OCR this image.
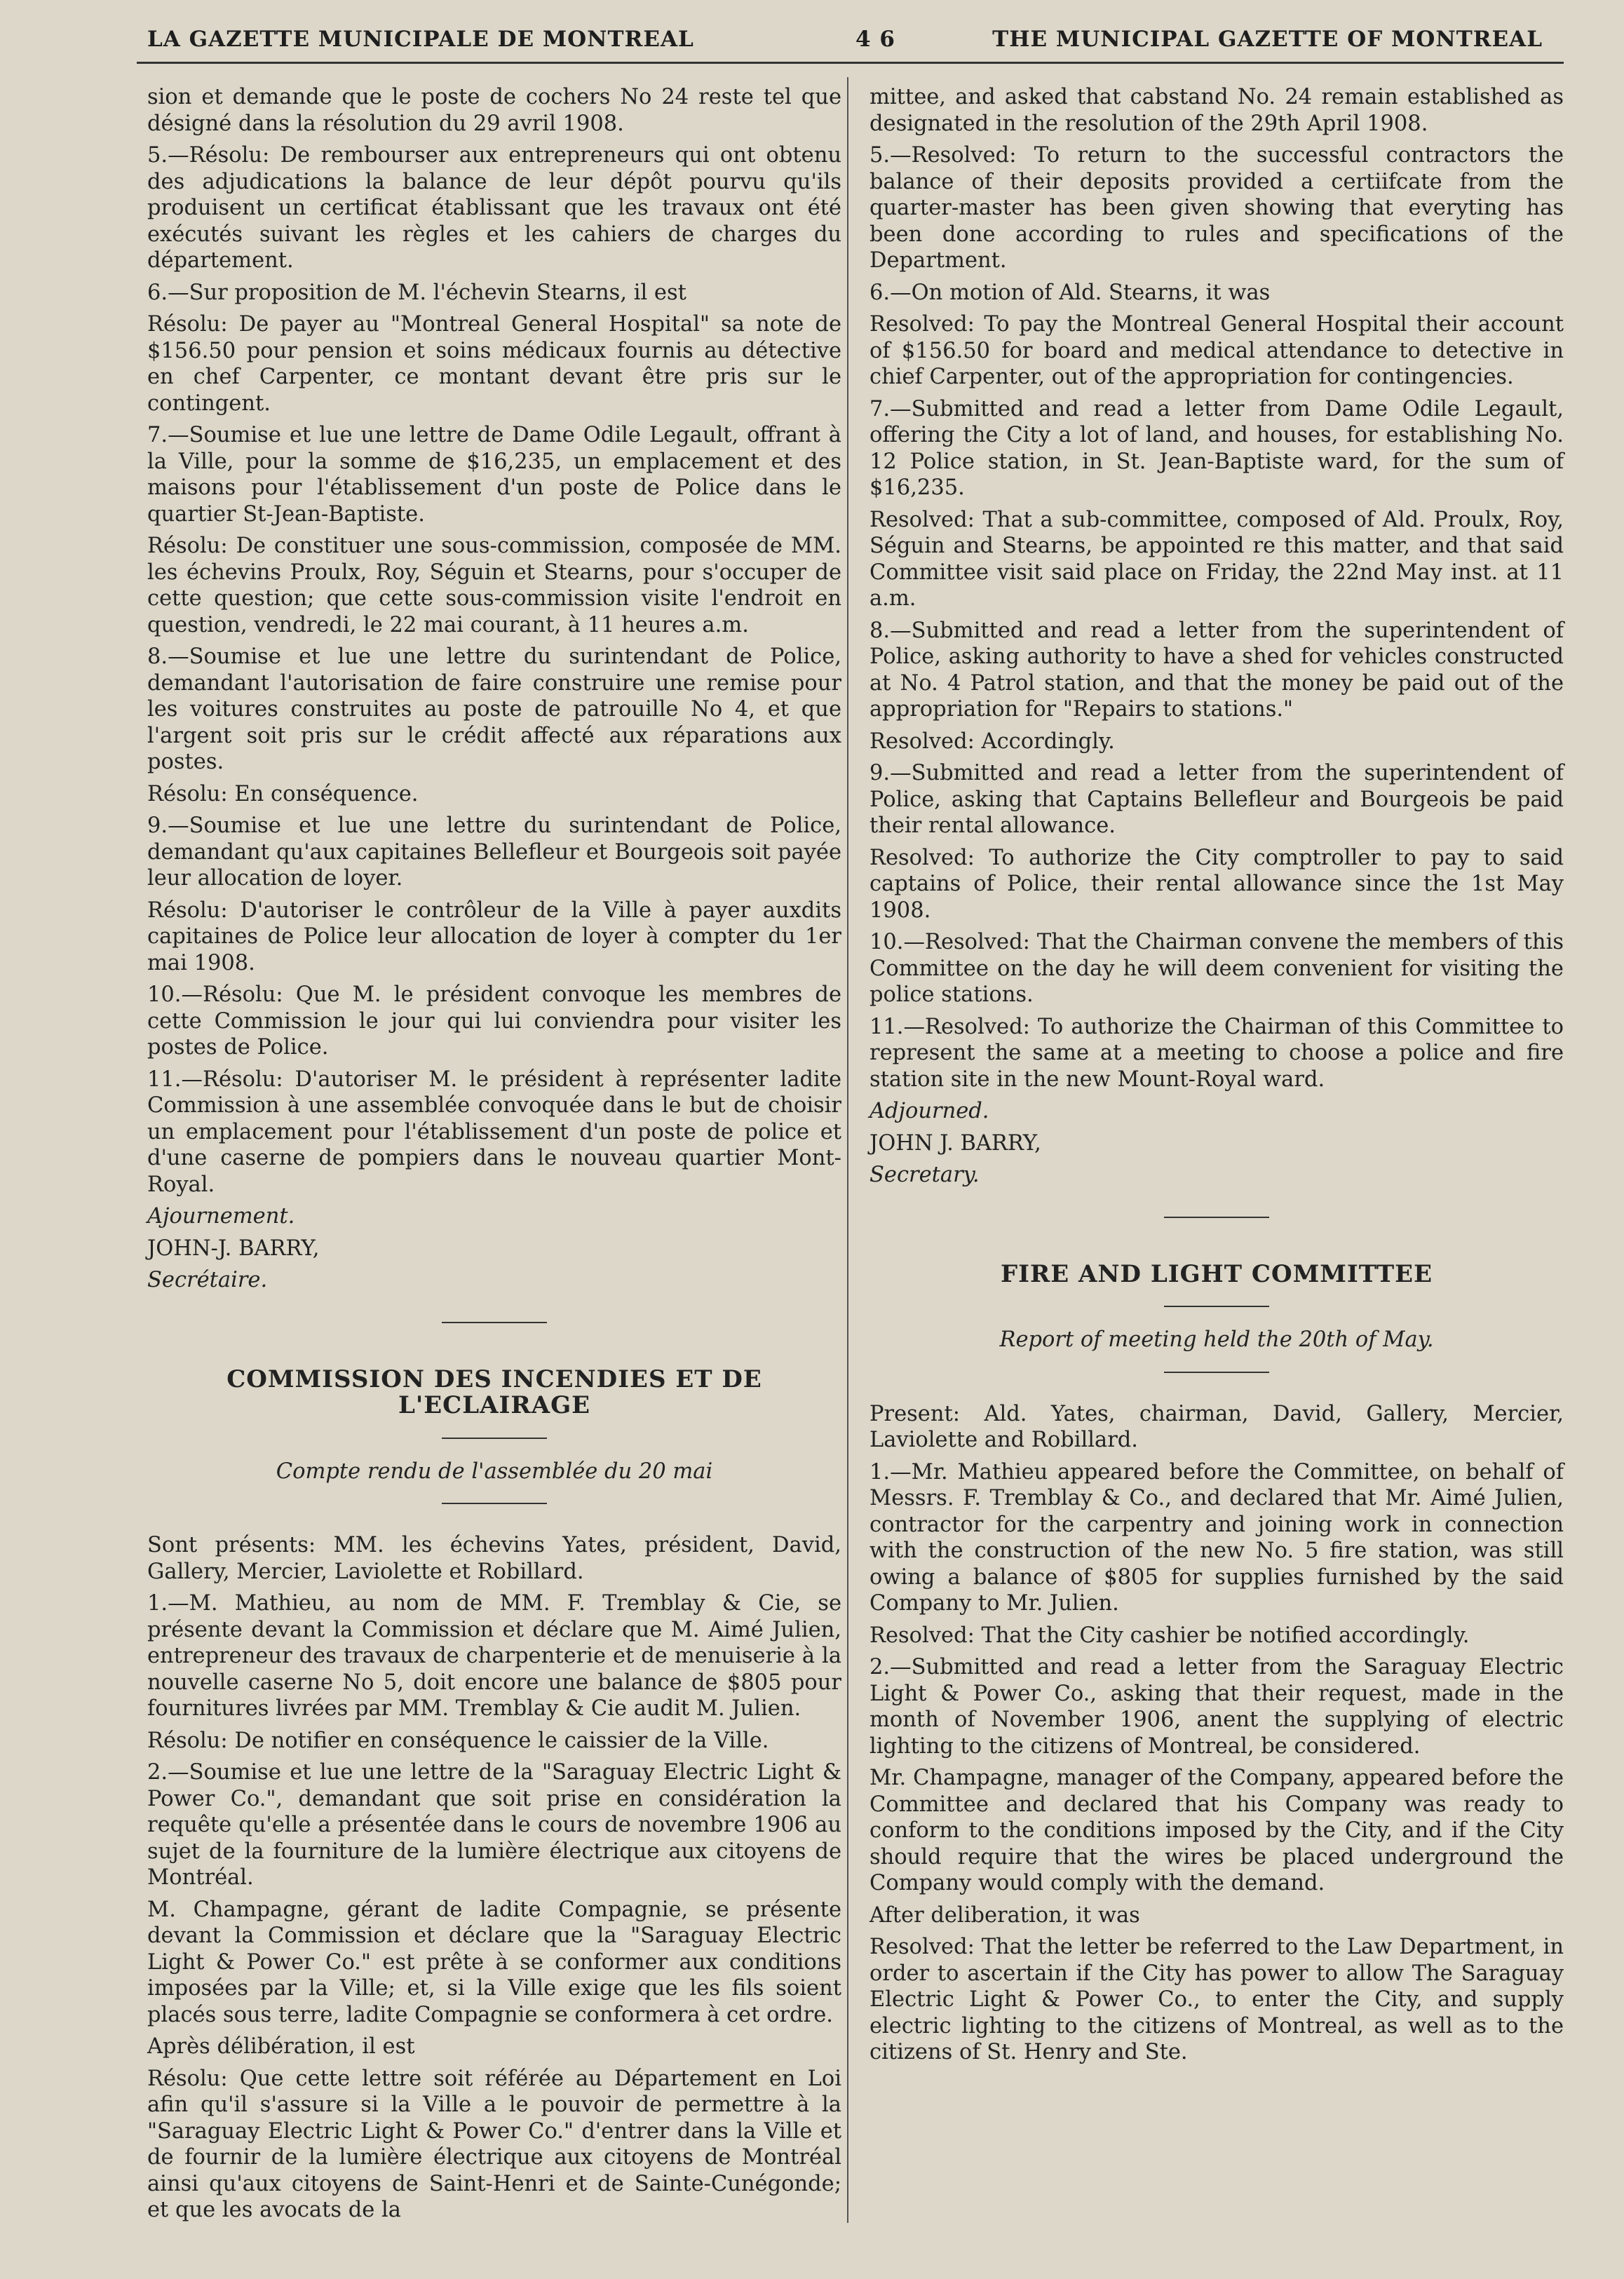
LA GAZETTE MUNICIPALE DE MONTREAL	4 6	THE MUNICIPAL GAZETTE OF MONTREAL

sion et demande que le poste de cochers No 24 reste tel que désigné dans la résolution du 29 avril 1908.

5.—Résolu: De rembourser aux entrepreneurs qui ont obtenu des adjudications la balance de leur dépôt pourvu qu'ils produisent un certificat établissant que les travaux ont été exécutés suivant les règles et les cahiers de charges du département.

6.—Sur proposition de M. l'échevin Stearns, il est

Résolu: De payer au "Montreal General Hospital" sa note de $156.50 pour pension et soins médicaux fournis au détective en chef Carpenter, ce montant devant être pris sur le contingent.

7.—Soumise et lue une lettre de Dame Odile Legault, offrant à la Ville, pour la somme de $16,235, un emplacement et des maisons pour l'établissement d'un poste de Police dans le quartier St-Jean-Baptiste.

Résolu: De constituer une sous-commission, composée de MM. les échevins Proulx, Roy, Séguin et Stearns, pour s'occuper de cette question; que cette sous-commission visite l'endroit en question, vendredi, le 22 mai courant, à 11 heures a.m.

8.—Soumise et lue une lettre du surintendant de Police, demandant l'autorisation de faire construire une remise pour les voitures construites au poste de patrouille No 4, et que l'argent soit pris sur le crédit affecté aux réparations aux postes.

Résolu: En conséquence.

9.—Soumise et lue une lettre du surintendant de Police, demandant qu'aux capitaines Bellefleur et Bourgeois soit payée leur allocation de loyer.

Résolu: D'autoriser le contrôleur de la Ville à payer auxdits capitaines de Police leur allocation de loyer à compter du 1er mai 1908.

10.—Résolu: Que M. le président convoque les membres de cette Commission le jour qui lui conviendra pour visiter les postes de Police.

11.—Résolu: D'autoriser M. le président à représenter ladite Commission à une assemblée convoquée dans le but de choisir un emplacement pour l'établissement d'un poste de police et d'une caserne de pompiers dans le nouveau quartier Mont-Royal.

Ajournement.

JOHN-J. BARRY,

Secrétaire.

COMMISSION DES INCENDIES ET DE L'ECLAIRAGE
Compte rendu de l'assemblée du 20 mai

Sont présents: MM. les échevins Yates, président, David, Gallery, Mercier, Laviolette et Robillard.

1.—M. Mathieu, au nom de MM. F. Tremblay & Cie, se présente devant la Commission et déclare que M. Aimé Julien, entrepreneur des travaux de charpenterie et de menuiserie à la nouvelle caserne No 5, doit encore une balance de $805 pour fournitures livrées par MM. Tremblay & Cie audit M. Julien.

Résolu: De notifier en conséquence le caissier de la Ville.

2.—Soumise et lue une lettre de la "Saraguay Electric Light & Power Co.", demandant que soit prise en considération la requête qu'elle a présentée dans le cours de novembre 1906 au sujet de la fourniture de la lumière électrique aux citoyens de Montréal.

M. Champagne, gérant de ladite Compagnie, se présente devant la Commission et déclare que la "Saraguay Electric Light & Power Co." est prête à se conformer aux conditions imposées par la Ville; et, si la Ville exige que les fils soient placés sous terre, ladite Compagnie se conformera à cet ordre.

Après délibération, il est

Résolu: Que cette lettre soit référée au Département en Loi afin qu'il s'assure si la Ville a le pouvoir de permettre à la "Saraguay Electric Light & Power Co." d'entrer dans la Ville et de fournir de la lumière électrique aux citoyens de Montréal ainsi qu'aux citoyens de Saint-Henri et de Sainte-Cunégonde; et que les avocats de la

mittee, and asked that cabstand No. 24 remain established as designated in the resolution of the 29th April 1908.

5.—Resolved: To return to the successful contractors the balance of their deposits provided a certiifcate from the quarter-master has been given showing that everyting has been done according to rules and specifications of the Department.

6.—On motion of Ald. Stearns, it was

Resolved: To pay the Montreal General Hospital their account of $156.50 for board and medical attendance to detective in chief Carpenter, out of the appropriation for contingencies.

7.—Submitted and read a letter from Dame Odile Legault, offering the City a lot of land, and houses, for establishing No. 12 Police station, in St. Jean-Baptiste ward, for the sum of $16,235.

Resolved: That a sub-committee, composed of Ald. Proulx, Roy, Séguin and Stearns, be appointed re this matter, and that said Committee visit said place on Friday, the 22nd May inst. at 11 a.m.

8.—Submitted and read a letter from the superintendent of Police, asking authority to have a shed for vehicles constructed at No. 4 Patrol station, and that the money be paid out of the appropriation for "Repairs to stations."

Resolved: Accordingly.

9.—Submitted and read a letter from the superintendent of Police, asking that Captains Bellefleur and Bourgeois be paid their rental allowance.

Resolved: To authorize the City comptroller to pay to said captains of Police, their rental allowance since the 1st May 1908.

10.—Resolved: That the Chairman convene the members of this Committee on the day he will deem convenient for visiting the police stations.

11.—Resolved: To authorize the Chairman of this Committee to represent the same at a meeting to choose a police and fire station site in the new Mount-Royal ward.

Adjourned.

JOHN J. BARRY,

Secretary.

FIRE AND LIGHT COMMITTEE
Report of meeting held the 20th of May.

Present: Ald. Yates, chairman, David, Gallery, Mercier, Laviolette and Robillard.

1.—Mr. Mathieu appeared before the Committee, on behalf of Messrs. F. Tremblay & Co., and declared that Mr. Aimé Julien, contractor for the carpentry and joining work in connection with the construction of the new No. 5 fire station, was still owing a balance of $805 for supplies furnished by the said Company to Mr. Julien.

Resolved: That the City cashier be notified accordingly.

2.—Submitted and read a letter from the Saraguay Electric Light & Power Co., asking that their request, made in the month of November 1906, anent the supplying of electric lighting to the citizens of Montreal, be considered.

Mr. Champagne, manager of the Company, appeared before the Committee and declared that his Company was ready to conform to the conditions imposed by the City, and if the City should require that the wires be placed underground the Company would comply with the demand.

After deliberation, it was

Resolved: That the letter be referred to the Law Department, in order to ascertain if the City has power to allow The Saraguay Electric Light & Power Co., to enter the City, and supply electric lighting to the citizens of Montreal, as well as to the citizens of St. Henry and Ste.
